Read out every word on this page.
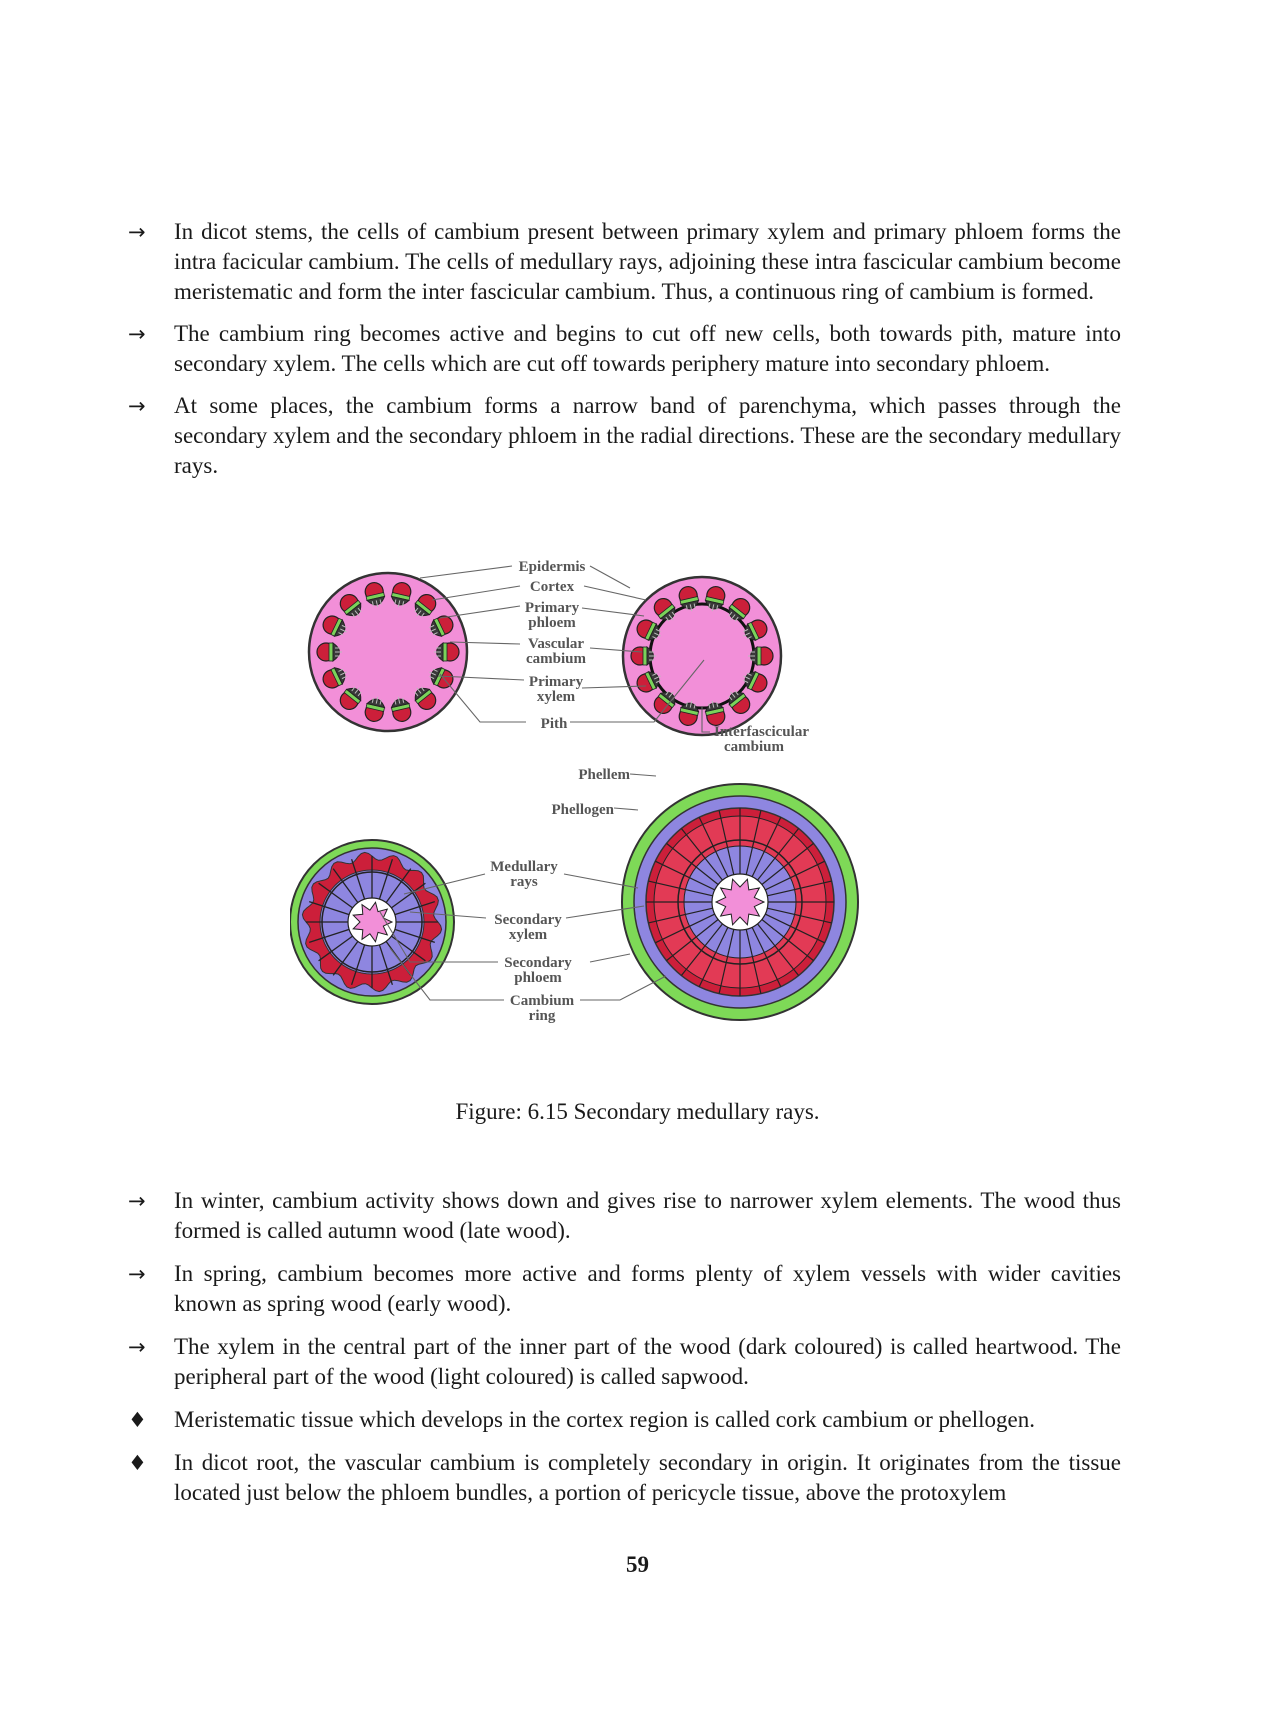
→	In dicot stems, the cells of cambium present between primary xylem and primary phloem forms the intra facicular cambium. The cells of medullary rays, adjoining these intra fascicular cambium become meristematic and form the inter fascicular cambium. Thus, a continuous ring of cambium is formed.
→	The cambium ring becomes active and begins to cut off new cells, both towards pith, mature into secondary xylem. The cells which are cut off towards periphery mature into secondary phloem.
→	At some places, the cambium forms a narrow band of parenchyma, which passes through the secondary xylem and the secondary phloem in the radial directions. These are the secondary medullary rays.
Epidermis
Cortex
Primary
phloem
Vascular
cambium
Primary
xylem
Pith	Interfascicular
cambium
Phellem
Phellogen
Medullary
rays
Secondary
xylem
Secondary
phloem
Cambium
ring
Figure: 6.15 Secondary medullary rays.
→	In winter, cambium activity shows down and gives rise to narrower xylem elements. The wood thus formed is called autumn wood (late wood).
→	In spring, cambium becomes more active and forms plenty of xylem vessels with wider cavities known as spring wood (early wood).
→	The xylem in the central part of the inner part of the wood (dark coloured) is called heartwood. The peripheral part of the wood (light coloured) is called sapwood.
♦	Meristematic tissue which develops in the cortex region is called cork cambium or phellogen.
♦	In dicot root, the vascular cambium is completely secondary in origin. It originates from the tissue located just below the phloem bundles, a portion of pericycle tissue, above the protoxylem
59
